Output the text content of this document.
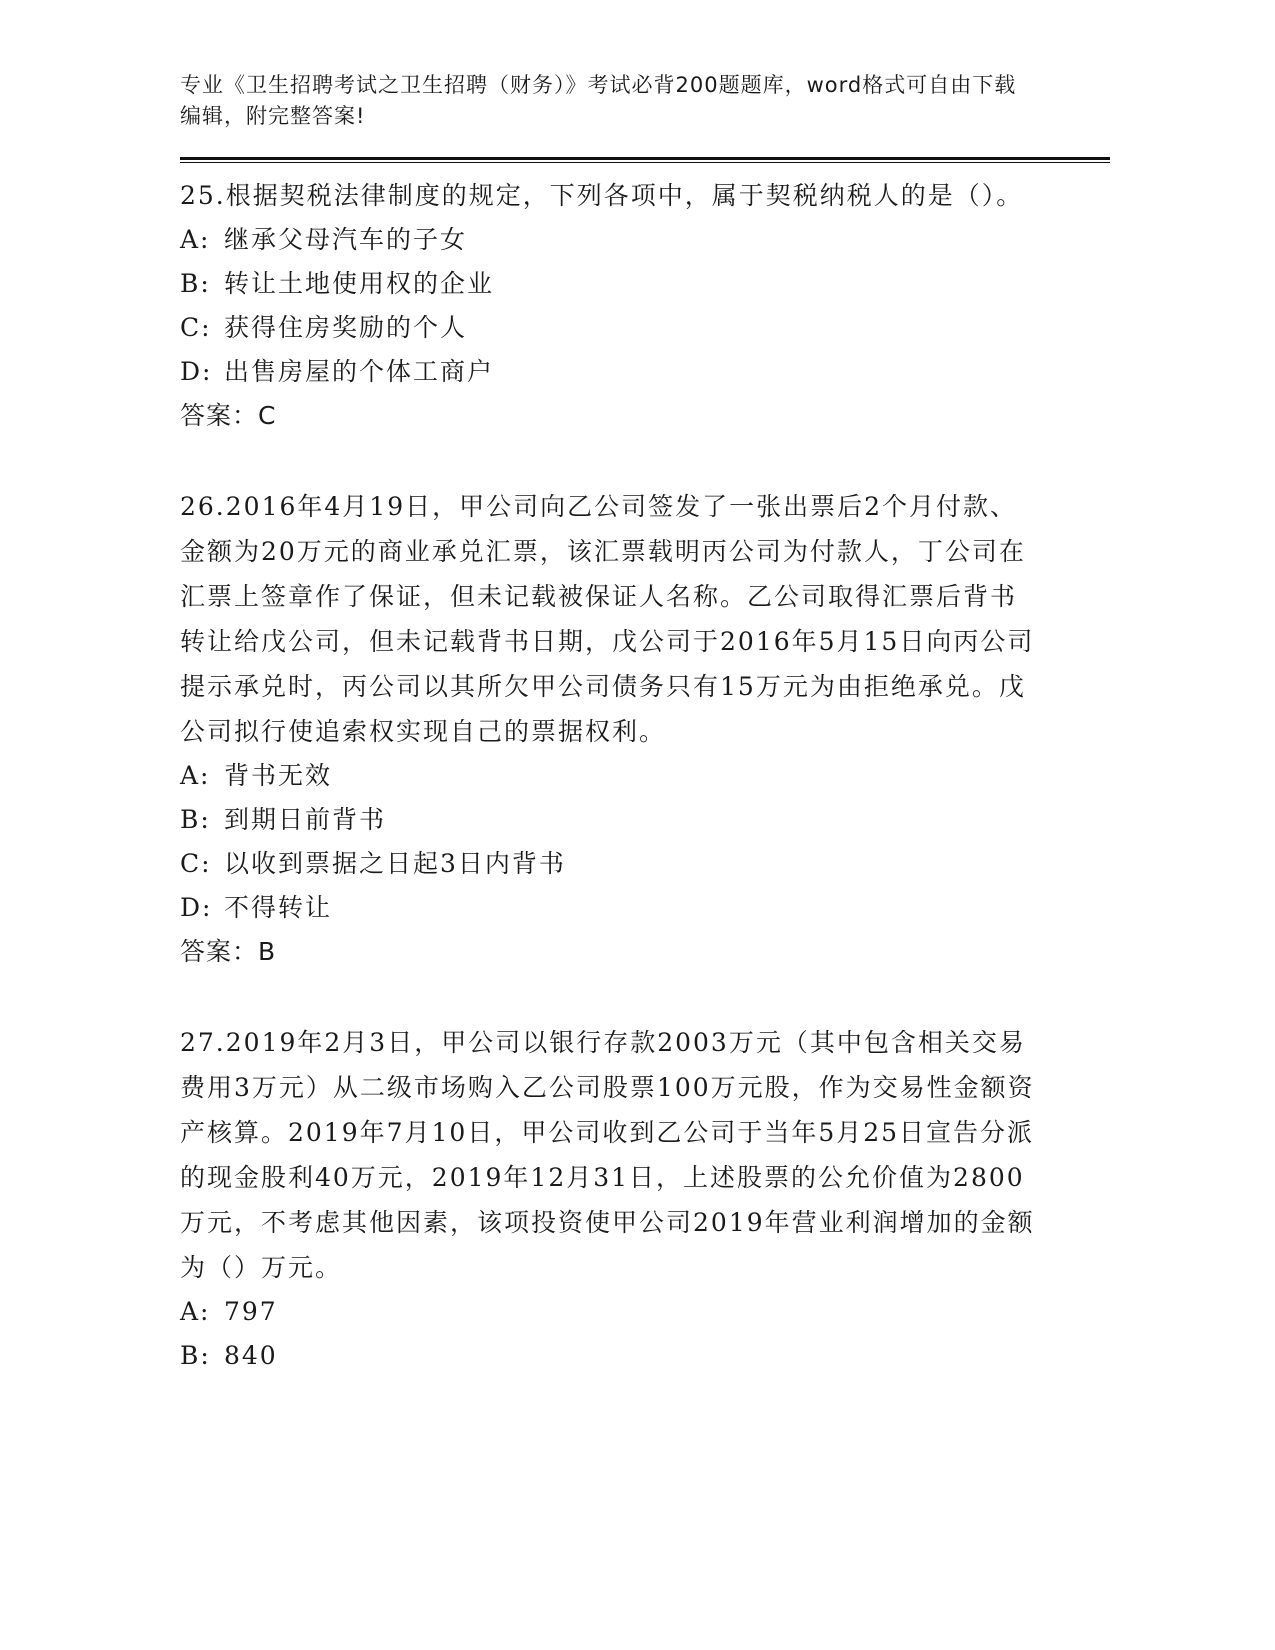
专业《卫生招聘考试之卫生招聘（财务）》考试必背200题题库，word格式可自由下载编辑，附完整答案!
25.根据契税法律制度的规定，下列各项中，属于契税纳税人的是（）。
A: 继承父母汽车的子女
B: 转让土地使用权的企业
C: 获得住房奖励的个人
D: 出售房屋的个体工商户
答案：C
26.2016年4月19日，甲公司向乙公司签发了一张出票后2个月付款、金额为20万元的商业承兑汇票，该汇票载明丙公司为付款人，丁公司在汇票上签章作了保证，但未记载被保证人名称。乙公司取得汇票后背书转让给戊公司，但未记载背书日期，戊公司于2016年5月15日向丙公司提示承兑时，丙公司以其所欠甲公司债务只有15万元为由拒绝承兑。戊公司拟行使追索权实现自己的票据权利。
A: 背书无效
B: 到期日前背书
C: 以收到票据之日起3日内背书
D: 不得转让
答案：B
27.2019年2月3日，甲公司以银行存款2003万元（其中包含相关交易费用3万元）从二级市场购入乙公司股票100万元股，作为交易性金额资产核算。2019年7月10日，甲公司收到乙公司于当年5月25日宣告分派的现金股利40万元，2019年12月31日，上述股票的公允价值为2800万元，不考虑其他因素，该项投资使甲公司2019年营业利润增加的金额为（）万元。
A: 797
B: 840
